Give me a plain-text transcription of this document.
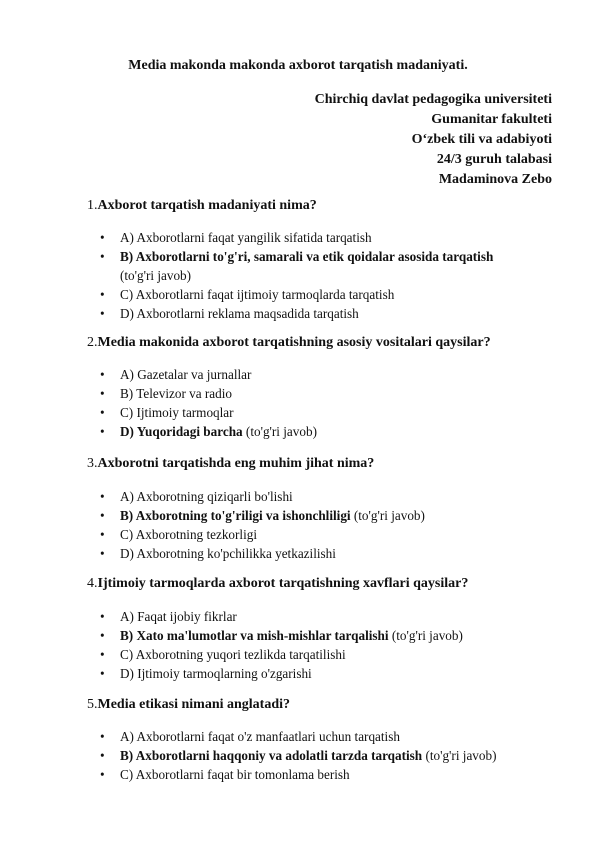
Media makonda makonda axborot tarqatish madaniyati.
Chirchiq davlat pedagogika universiteti
Gumanitar fakulteti
O‘zbek tili va adabiyoti
24/3 guruh talabasi
Madaminova Zebo
1.Axborot tarqatish madaniyati nima?
• A) Axborotlarni faqat yangilik sifatida tarqatish
• B) Axborotlarni to'g'ri, samarali va etik qoidalar asosida tarqatish
(to'g'ri javob)
• C) Axborotlarni faqat ijtimoiy tarmoqlarda tarqatish
• D) Axborotlarni reklama maqsadida tarqatish
2.Media makonida axborot tarqatishning asosiy vositalari qaysilar?
• A) Gazetalar va jurnallar
• B) Televizor va radio
• C) Ijtimoiy tarmoqlar
• D) Yuqoridagi barcha (to'g'ri javob)
3.Axborotni tarqatishda eng muhim jihat nima?
• A) Axborotning qiziqarli bo'lishi
• B) Axborotning to'g'riligi va ishonchliligi (to'g'ri javob)
• C) Axborotning tezkorligi
• D) Axborotning ko'pchilikka yetkazilishi
4.Ijtimoiy tarmoqlarda axborot tarqatishning xavflari qaysilar?
• A) Faqat ijobiy fikrlar
• B) Xato ma'lumotlar va mish-mishlar tarqalishi (to'g'ri javob)
• C) Axborotning yuqori tezlikda tarqatilishi
• D) Ijtimoiy tarmoqlarning o'zgarishi
5.Media etikasi nimani anglatadi?
• A) Axborotlarni faqat o'z manfaatlari uchun tarqatish
• B) Axborotlarni haqqoniy va adolatli tarzda tarqatish (to'g'ri javob)
• C) Axborotlarni faqat bir tomonlama berish
